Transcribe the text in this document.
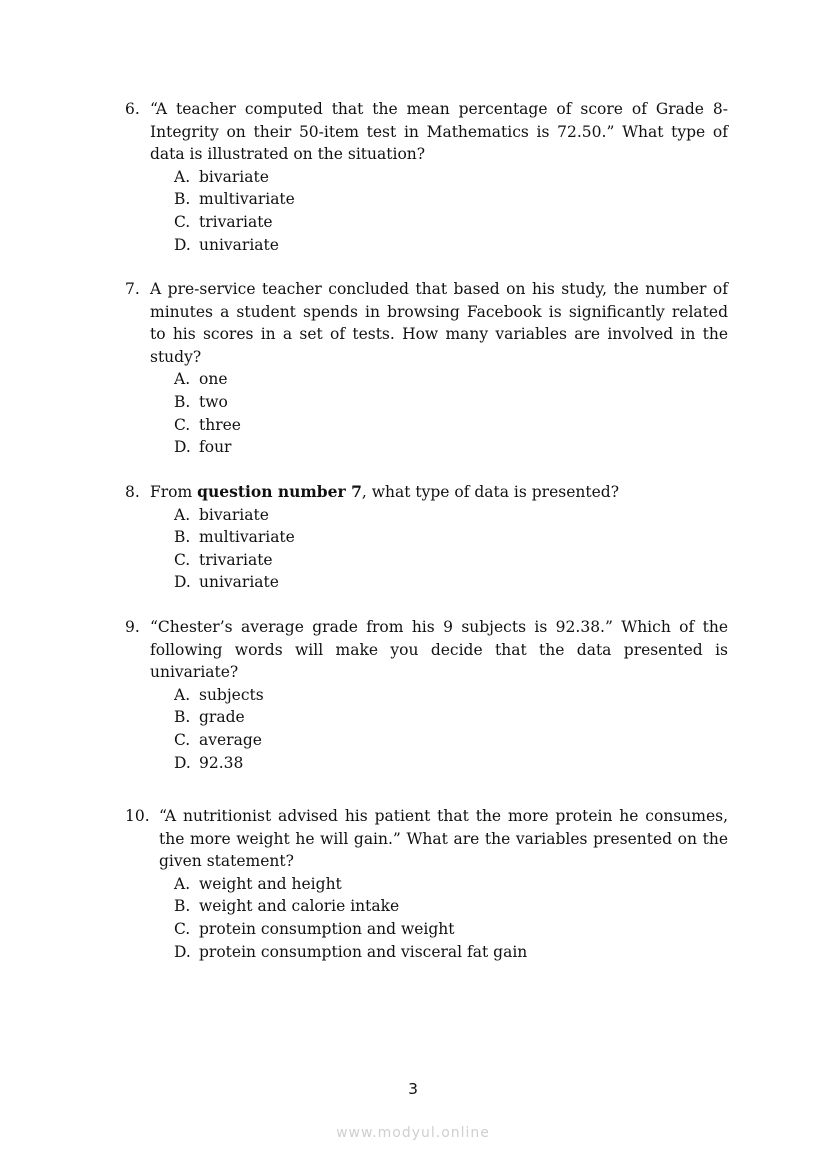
6. “A teacher computed that the mean percentage of score of Grade 8-Integrity on their 50-item test in Mathematics is 72.50.” What type of data is illustrated on the situation?
A. bivariate
B. multivariate
C. trivariate
D. univariate
7. A pre-service teacher concluded that based on his study, the number of minutes a student spends in browsing Facebook is significantly related to his scores in a set of tests. How many variables are involved in the study?
A. one
B. two
C. three
D. four
8. From question number 7, what type of data is presented?
A. bivariate
B. multivariate
C. trivariate
D. univariate
9. “Chester’s average grade from his 9 subjects is 92.38.” Which of the following words will make you decide that the data presented is univariate?
A. subjects
B. grade
C. average
D. 92.38
10. “A nutritionist advised his patient that the more protein he consumes, the more weight he will gain.” What are the variables presented on the given statement?
A. weight and height
B. weight and calorie intake
C. protein consumption and weight
D. protein consumption and visceral fat gain
3
www.modyul.online
